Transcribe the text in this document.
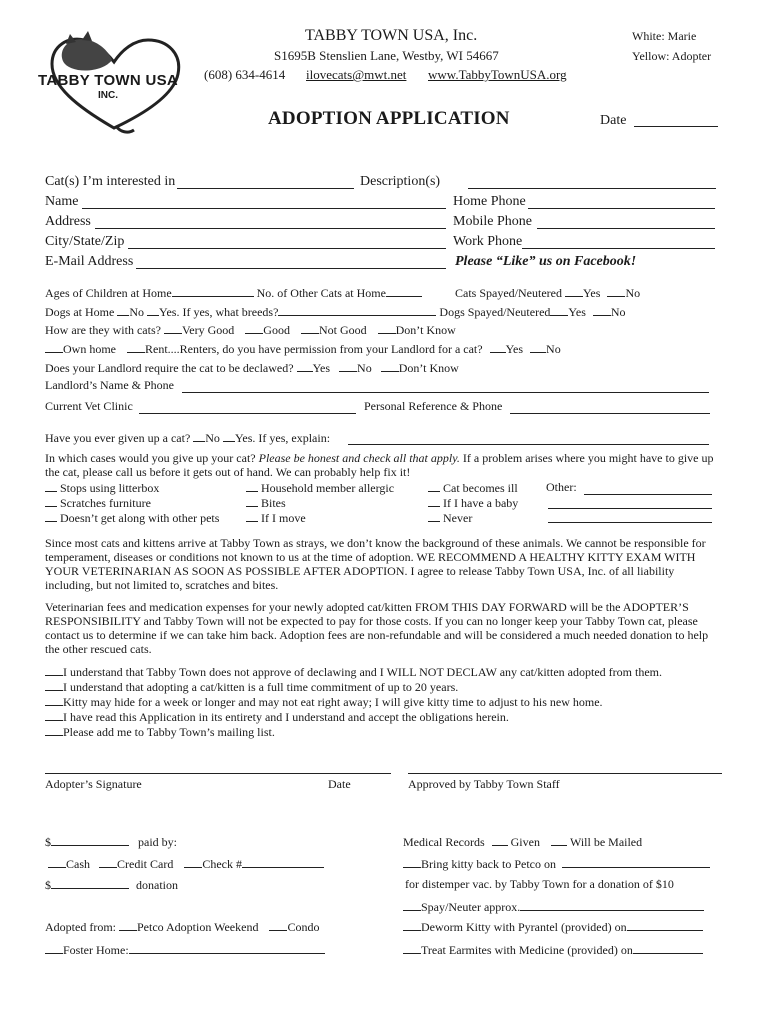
TABBY TOWN USA
INC.
TABBY TOWN USA, Inc.
S1695B Stenslien Lane, Westby, WI 54667
(608) 634-4614 ilovecats@mwt.net www.TabbyTownUSA.org
White: Marie
Yellow: Adopter
ADOPTION APPLICATION	Date
Cat(s) I’m interested in	Description(s)
Name	Home Phone
Address	Mobile Phone
City/State/Zip	Work Phone
E-Mail Address	Please “Like” us on Facebook!
Ages of Children at Home	No. of Other Cats at Home	Cats Spayed/Neutered Yes No
Dogs at Home No Yes. If yes, what breeds?	Dogs Spayed/Neutered Yes No
How are they with cats? Very Good Good Not Good Don’t Know
Own home Rent....Renters, do you have permission from your Landlord for a cat? Yes No
Does your Landlord require the cat to be declawed? Yes No Don’t Know
Landlord’s Name & Phone
Current Vet Clinic	Personal Reference & Phone
Have you ever given up a cat? No Yes. If yes, explain:
In which cases would you give up your cat? Please be honest and check all that apply. If a problem arises where you might have to give up the cat, please call us before it gets out of hand. We can probably help fix it!
Stops using litterbox
Scratches furniture
Doesn’t get along with other pets
Household member allergic
Bites
If I move
Cat becomes ill
If I have a baby
Never
Other:
Since most cats and kittens arrive at Tabby Town as strays, we don’t know the background of these animals. We cannot be responsible for temperament, diseases or conditions not known to us at the time of adoption. WE RECOMMEND A HEALTHY KITTY EXAM WITH YOUR VETERINARIAN AS SOON AS POSSIBLE AFTER ADOPTION. I agree to release Tabby Town USA, Inc. of all liability including, but not limited to, scratches and bites.
Veterinarian fees and medication expenses for your newly adopted cat/kitten FROM THIS DAY FORWARD will be the ADOPTER’S RESPONSIBILITY and Tabby Town will not be expected to pay for those costs. If you can no longer keep your Tabby Town cat, please contact us to determine if we can take him back. Adoption fees are non-refundable and will be considered a much needed donation to help the other rescued cats.
I understand that Tabby Town does not approve of declawing and I WILL NOT DECLAW any cat/kitten adopted from them.
I understand that adopting a cat/kitten is a full time commitment of up to 20 years.
Kitty may hide for a week or longer and may not eat right away; I will give kitty time to adjust to his new home.
I have read this Application in its entirety and I understand and accept the obligations herein.
Please add me to Tabby Town’s mailing list.
Adopter’s Signature	Date	Approved by Tabby Town Staff
$	paid by:
Cash Credit Card Check #
$	donation
Adopted from: Petco Adoption Weekend Condo
Foster Home:
Medical Records Given	Will be Mailed
Bring kitty back to Petco on
for distemper vac. by Tabby Town for a donation of $10
Spay/Neuter approx.
Deworm Kitty with Pyrantel (provided) on
Treat Earmites with Medicine (provided) on
